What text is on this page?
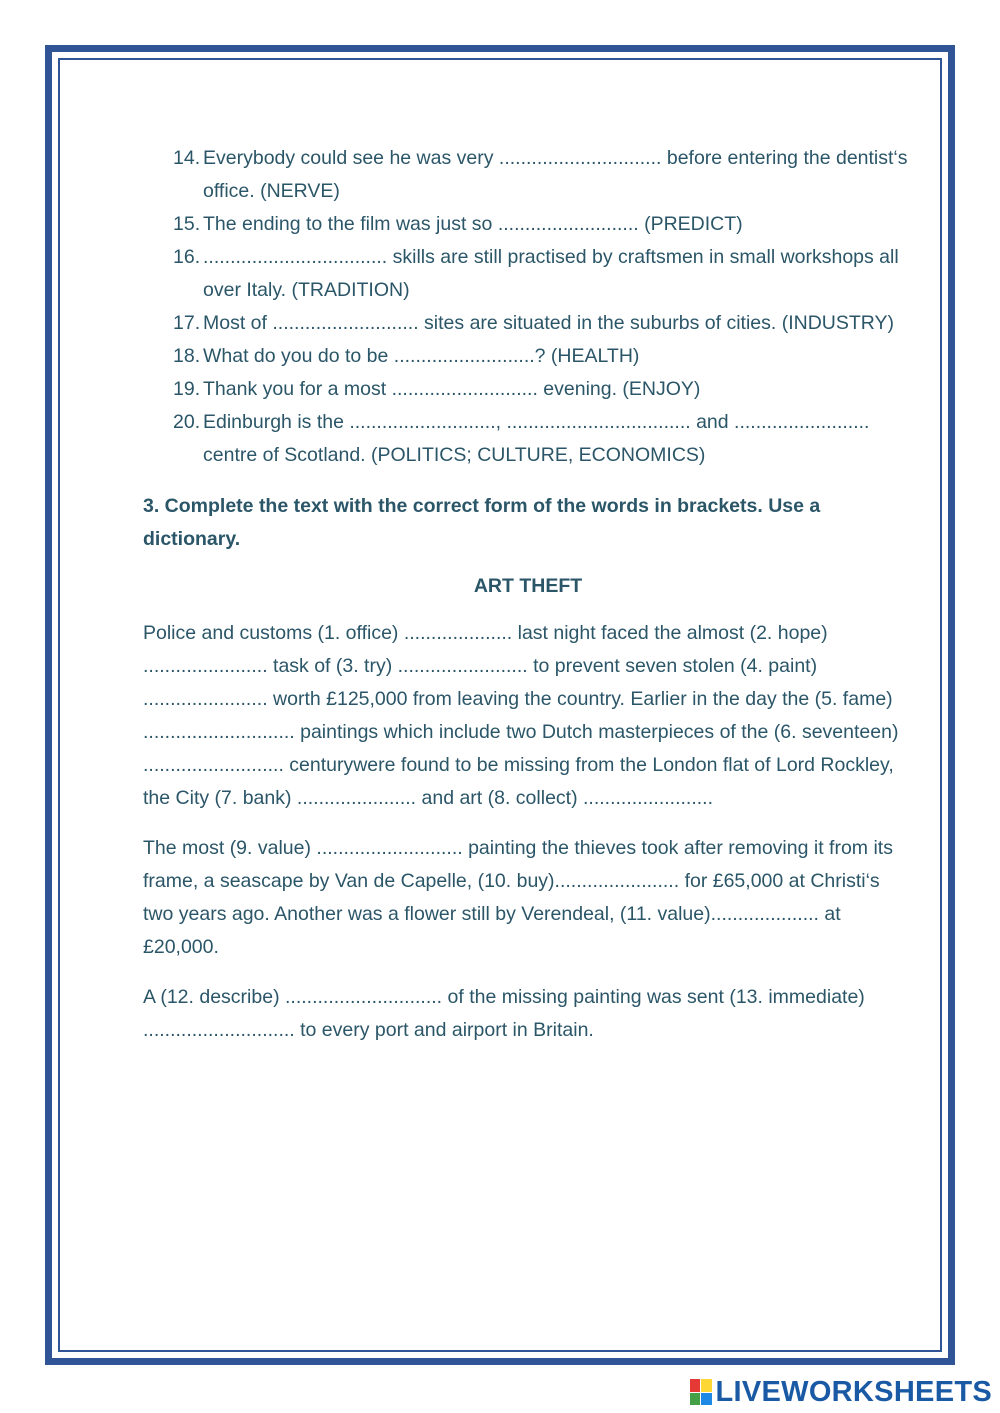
14. Everybody could see he was very .............................. before entering the dentist‘s office. (NERVE)
15. The ending to the film was just so .......................... (PREDICT)
16. .................................. skills are still practised by craftsmen in small workshops all over Italy. (TRADITION)
17. Most of ........................... sites are situated in the suburbs of cities. (INDUSTRY)
18. What do you do to be ..........................? (HEALTH)
19. Thank you for a most ........................... evening. (ENJOY)
20. Edinburgh is the ..........................., .................................. and ......................... centre of Scotland. (POLITICS; CULTURE, ECONOMICS)
3. Complete the text with the correct form of the words in brackets. Use a dictionary.
ART THEFT

Police and customs (1. office) .................... last night faced the almost (2. hope) ....................... task of (3. try) ........................ to prevent seven stolen (4. paint) ....................... worth £125,000 from leaving the country. Earlier in the day the (5. fame) ............................ paintings which include two Dutch masterpieces of the (6. seventeen) .......................... centurywere found to be missing from the London flat of Lord Rockley, the City (7. bank) ...................... and art (8. collect) ........................

The most (9. value) ........................... painting the thieves took after removing it from its frame, a seascape by Van de Capelle, (10. buy)....................... for £65,000 at Christi‘s two years ago. Another was a flower still by Verendeal, (11. value).................... at £20,000.

A (12. describe) ............................. of the missing painting was sent (13. immediate) ............................ to every port and airport in Britain.

LIVEWORKSHEETS
